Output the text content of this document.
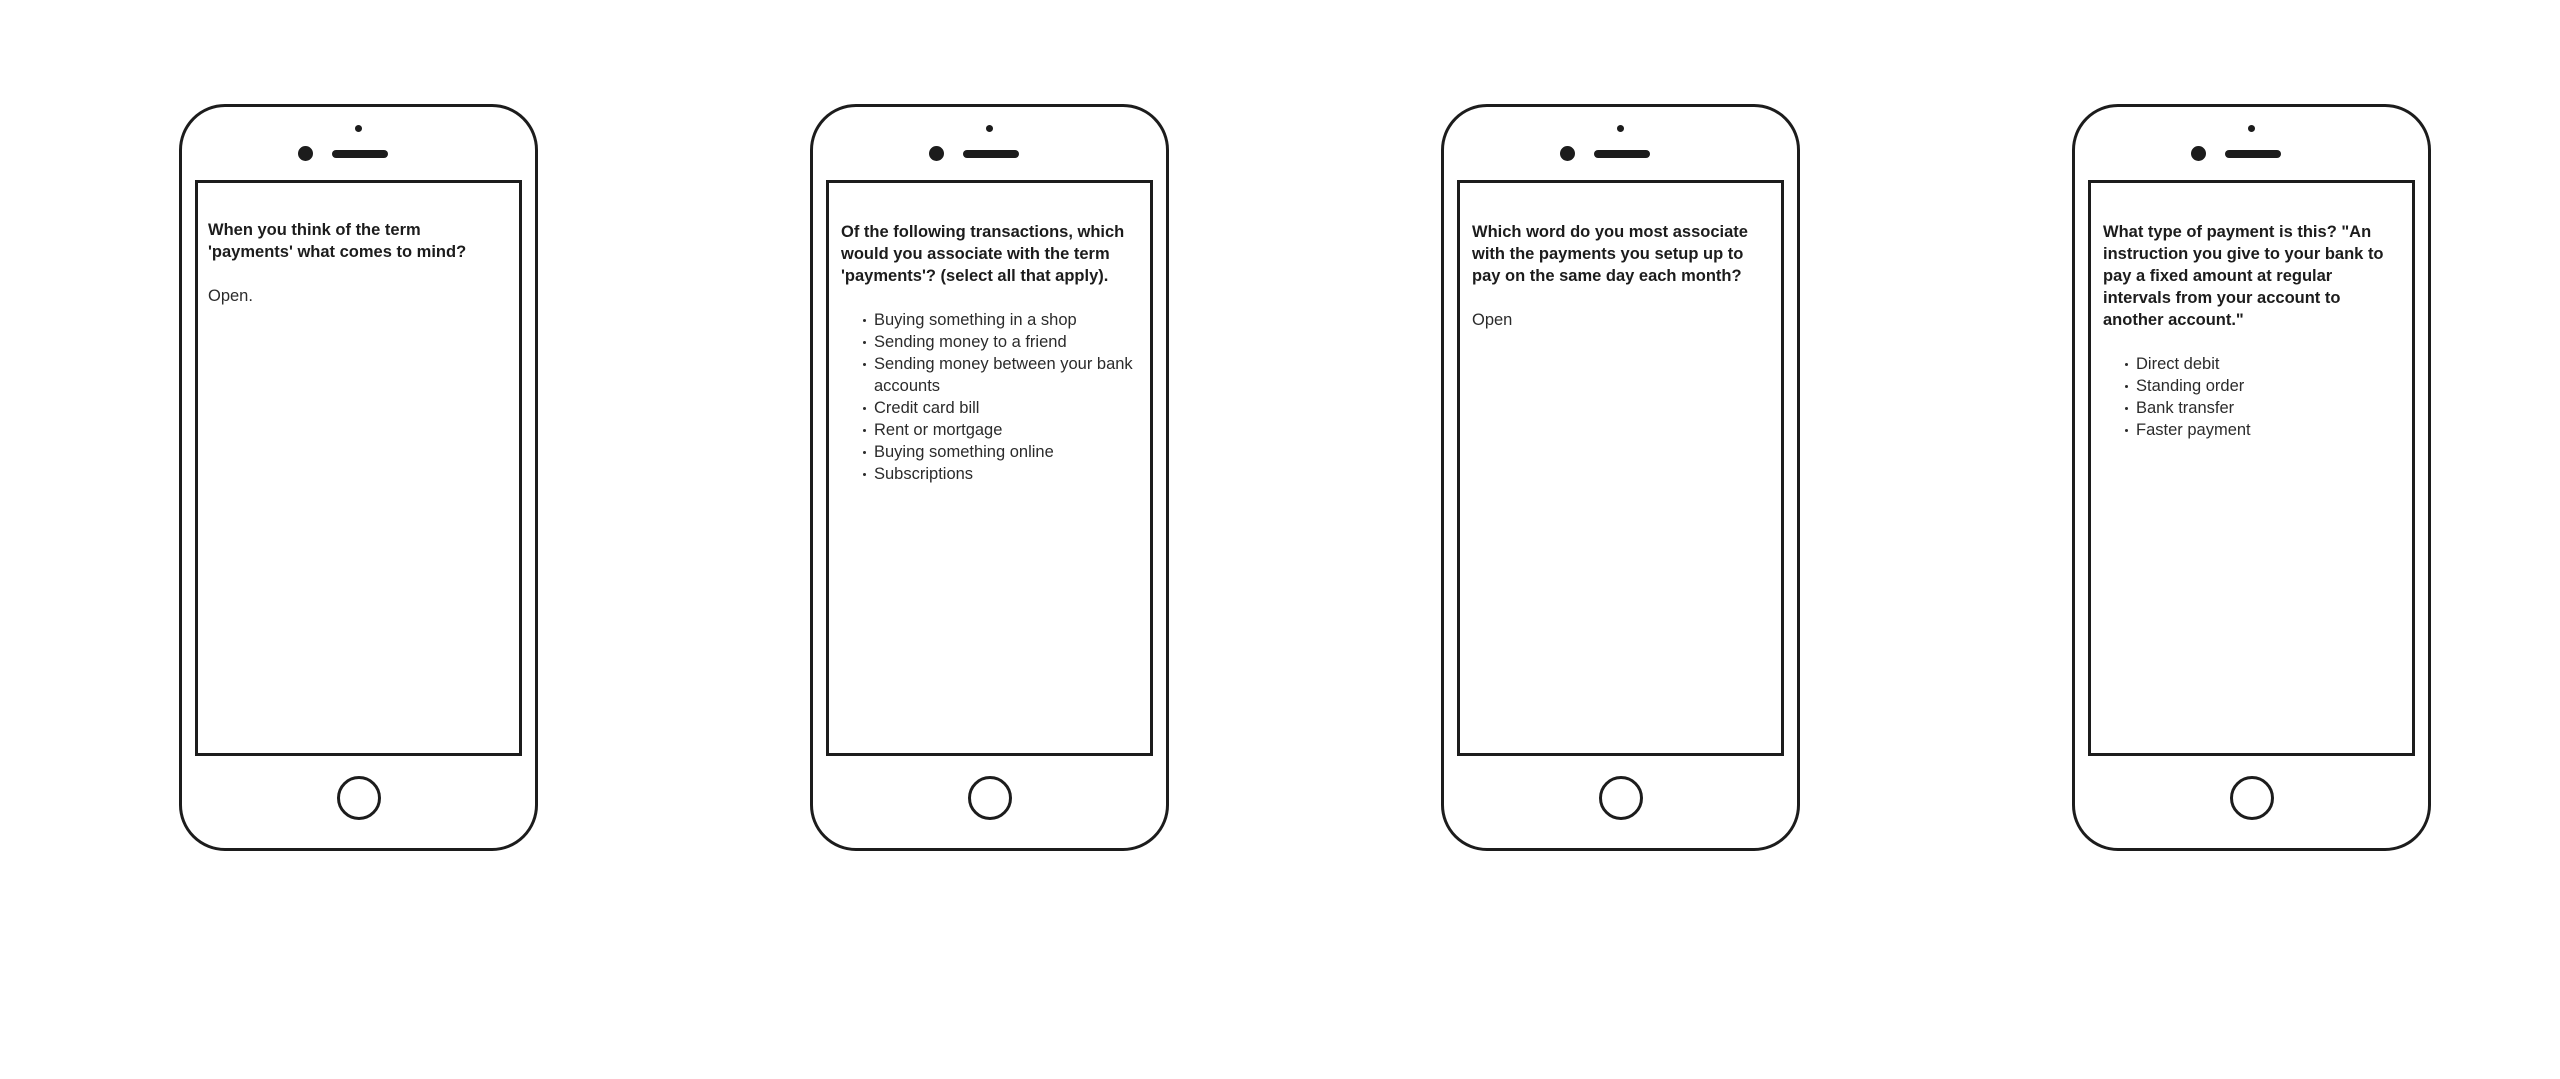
When you think of the term 'payments' what comes to mind?

Open.

Of the following transactions, which would you associate with the term 'payments'? (select all that apply).

Buying something in a shop
Sending money to a friend
Sending money between your bank accounts
Credit card bill
Rent or mortgage
Buying something online
Subscriptions

Which word do you most associate with the payments you setup up to pay on the same day each month?

Open

What type of payment is this? "An instruction you give to your bank to pay a fixed amount at regular intervals from your account to another account."

Direct debit
Standing order
Bank transfer
Faster payment
